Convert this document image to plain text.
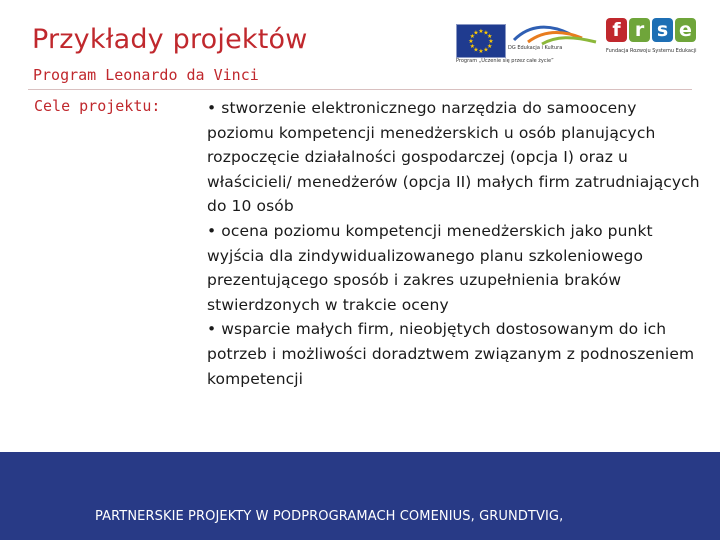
Przykłady projektów
Program Leonardo da Vinci
★
★
★
★
★
★
★
★
★ ★ ★
★
DG Edukacja i Kultura
Program „Uczenie się przez całe życie”
f r s e
Fundacja Rozwoju Systemu Edukacji
Cele projektu:	• stworzenie elektronicznego narzędzia do samooceny poziomu kompetencji menedżerskich u osób planujących rozpoczęcie działalności gospodarczej (opcja I) oraz u właścicieli/ menedżerów (opcja II) małych firm zatrudniających do 10 osób

• ocena poziomu kompetencji menedżerskich jako punkt wyjścia dla zindywidualizowanego planu szkoleniowego prezentującego sposób i zakres uzupełnienia braków stwierdzonych w trakcie oceny

• wsparcie małych firm, nieobjętych dostosowanym do ich potrzeb i możliwości doradztwem związanym z podnoszeniem kompetencji

PARTNERSKIE PROJEKTY W PODPROGRAMACH COMENIUS, GRUNDTVIG,
